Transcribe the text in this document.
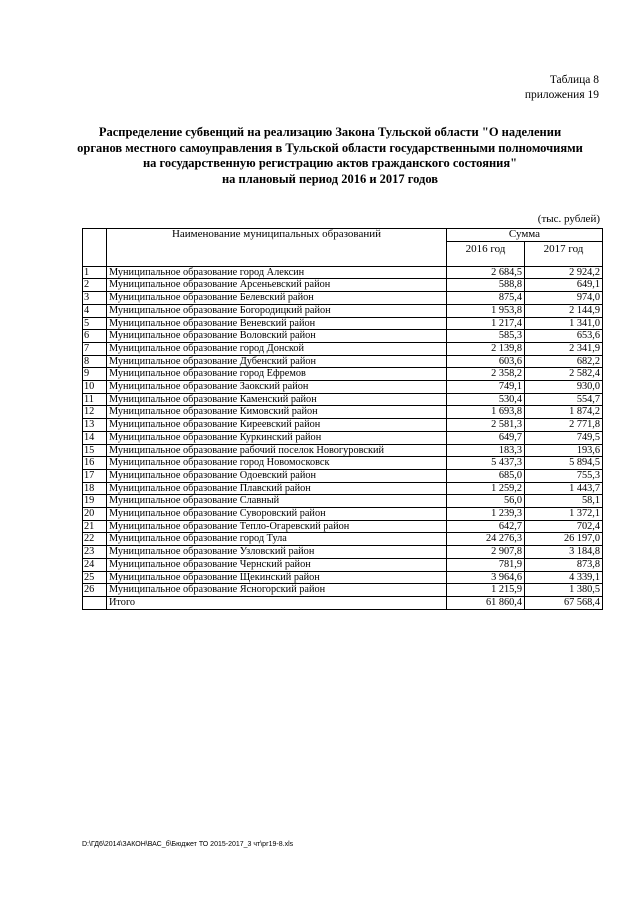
Таблица 8
приложения 19
Распределение субвенций на реализацию Закона Тульской области "О наделении
органов местного самоуправления в Тульской области государственными полномочиями
на государственную регистрацию актов гражданского состояния"
на плановый период 2016 и 2017 годов
(тыс. рублей)
	Наименование муниципальных образований	Сумма	
		2016 год	2017 год
1	Муниципальное образование город Алексин	2 684,5	2 924,2
2	Муниципальное образование Арсеньевский район	588,8	649,1
3	Муниципальное образование Белевский район	875,4	974,0
4	Муниципальное образование Богородицкий район	1 953,8	2 144,9
5	Муниципальное образование Веневский район	1 217,4	1 341,0
6	Муниципальное образование Воловский район	585,3	653,6
7	Муниципальное образование город Донской	2 139,8	2 341,9
8	Муниципальное образование Дубенский район	603,6	682,2
9	Муниципальное образование город Ефремов	2 358,2	2 582,4
10	Муниципальное образование Заокский район	749,1	930,0
11	Муниципальное образование Каменский район	530,4	554,7
12	Муниципальное образование Кимовский район	1 693,8	1 874,2
13	Муниципальное образование Киреевский район	2 581,3	2 771,8
14	Муниципальное образование Куркинский район	649,7	749,5
15	Муниципальное образование рабочий поселок Новогуровский	183,3	193,6
16	Муниципальное образование город Новомосковск	5 437,3	5 894,5
17	Муниципальное образование Одоевский район	685,0	755,3
18	Муниципальное образование Плавский район	1 259,2	1 443,7
19	Муниципальное образование Славный	56,0	58,1
20	Муниципальное образование Суворовский район	1 239,3	1 372,1
21	Муниципальное образование Тепло-Огаревский район	642,7	702,4
22	Муниципальное образование город Тула	24 276,3	26 197,0
23	Муниципальное образование Узловский район	2 907,8	3 184,8
24	Муниципальное образование Чернский район	781,9	873,8
25	Муниципальное образование Щекинский район	3 964,6	4 339,1
26	Муниципальное образование Ясногорский район	1 215,9	1 380,5
	Итого	61 860,4	67 568,4
D:\ГД6\2014\ЗАКОН\ВАС_б\Бюджет ТО 2015-2017_3 чт\рг19-8.xls
